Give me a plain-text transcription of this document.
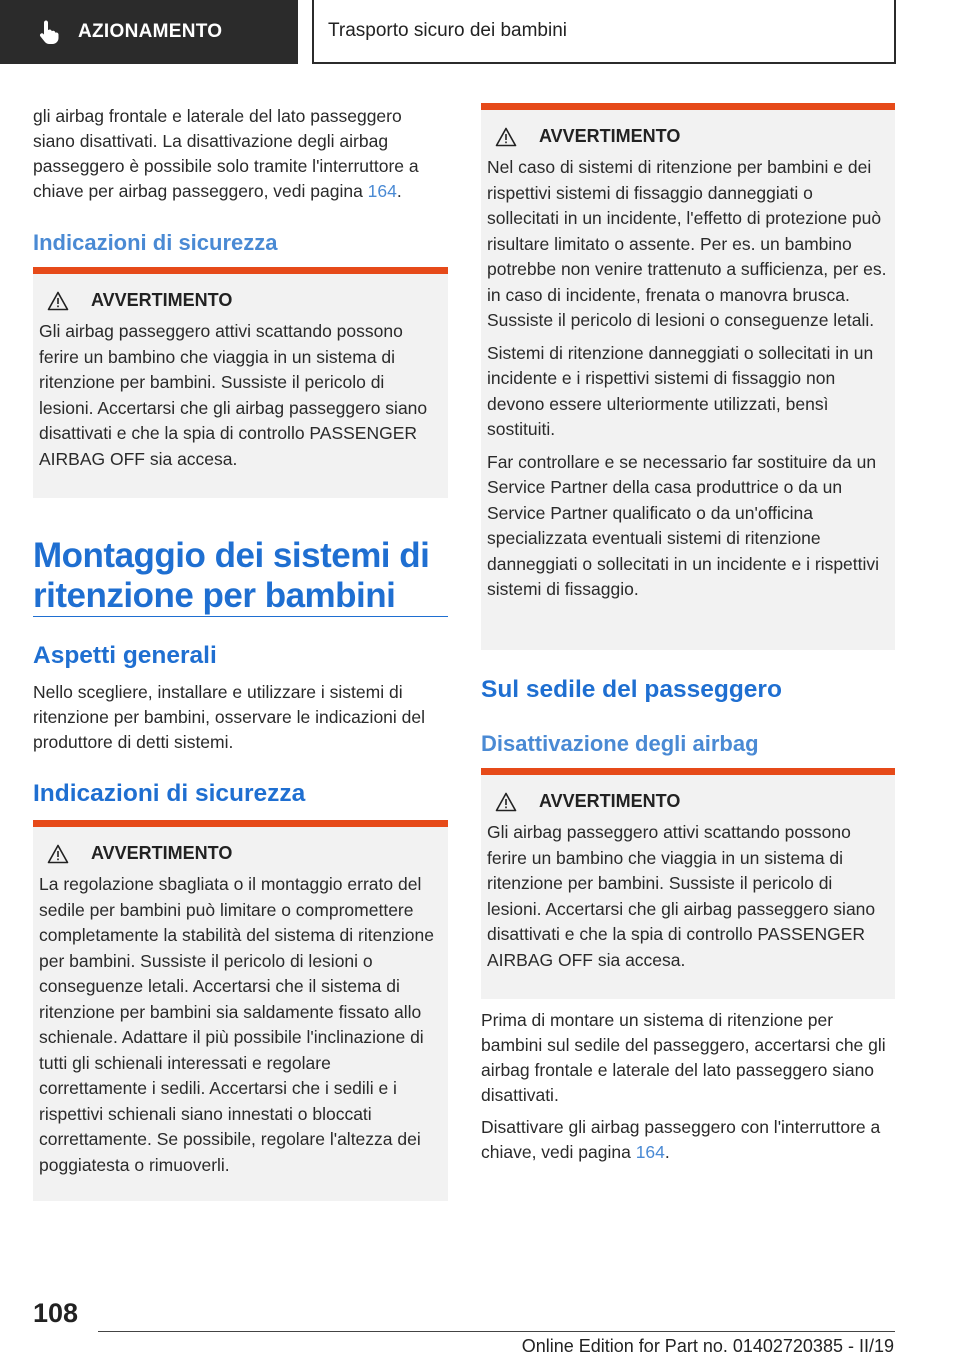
AZIONAMENTO	Trasporto sicuro dei bambini

gli airbag frontale e laterale del lato passeggero siano disattivati. La disattivazione degli airbag passeggero è possibile solo tramite l'interruttore a chiave per airbag passeggero, vedi pagina 164.

Indicazioni di sicurezza
AVVERTIMENTO

Gli airbag passeggero attivi scattando possono ferire un bambino che viaggia in un sistema di ritenzione per bambini. Sussiste il pericolo di lesioni. Accertarsi che gli airbag passeggero siano disattivati e che la spia di controllo PASSENGER AIRBAG OFF sia accesa.

Montaggio dei sistemi di ritenzione per bambini
Aspetti generali

Nello scegliere, installare e utilizzare i sistemi di ritenzione per bambini, osservare le indicazioni del produttore di detti sistemi.

Indicazioni di sicurezza
AVVERTIMENTO

La regolazione sbagliata o il montaggio errato del sedile per bambini può limitare o compromettere completamente la stabilità del sistema di ritenzione per bambini. Sussiste il pericolo di lesioni o conseguenze letali. Accertarsi che il sistema di ritenzione per bambini sia saldamente fissato allo schienale. Adattare il più possibile l'inclinazione di tutti gli schienali interessati e regolare correttamente i sedili. Accertarsi che i sedili e i rispettivi schienali siano innestati o bloccati correttamente. Se possibile, regolare l'altezza dei poggiatesta o rimuoverli.

AVVERTIMENTO

Nel caso di sistemi di ritenzione per bambini e dei rispettivi sistemi di fissaggio danneggiati o sollecitati in un incidente, l'effetto di protezione può risultare limitato o assente. Per es. un bambino potrebbe non venire trattenuto a sufficienza, per es. in caso di incidente, frenata o manovra brusca. Sussiste il pericolo di lesioni o conseguenze letali.

Sistemi di ritenzione danneggiati o sollecitati in un incidente e i rispettivi sistemi di fissaggio non devono essere ulteriormente utilizzati, bensì sostituiti.

Far controllare e se necessario far sostituire da un Service Partner della casa produttrice o da un Service Partner qualificato o da un'officina specializzata eventuali sistemi di ritenzione danneggiati o sollecitati in un incidente e i rispettivi sistemi di fissaggio.

Sul sedile del passeggero
Disattivazione degli airbag
AVVERTIMENTO

Gli airbag passeggero attivi scattando possono ferire un bambino che viaggia in un sistema di ritenzione per bambini. Sussiste il pericolo di lesioni. Accertarsi che gli airbag passeggero siano disattivati e che la spia di controllo PASSENGER AIRBAG OFF sia accesa.

Prima di montare un sistema di ritenzione per bambini sul sedile del passeggero, accertarsi che gli airbag frontale e laterale del lato passeggero siano disattivati.

Disattivare gli airbag passeggero con l'interruttore a chiave, vedi pagina 164.

108
Online Edition for Part no. 01402720385 - II/19
